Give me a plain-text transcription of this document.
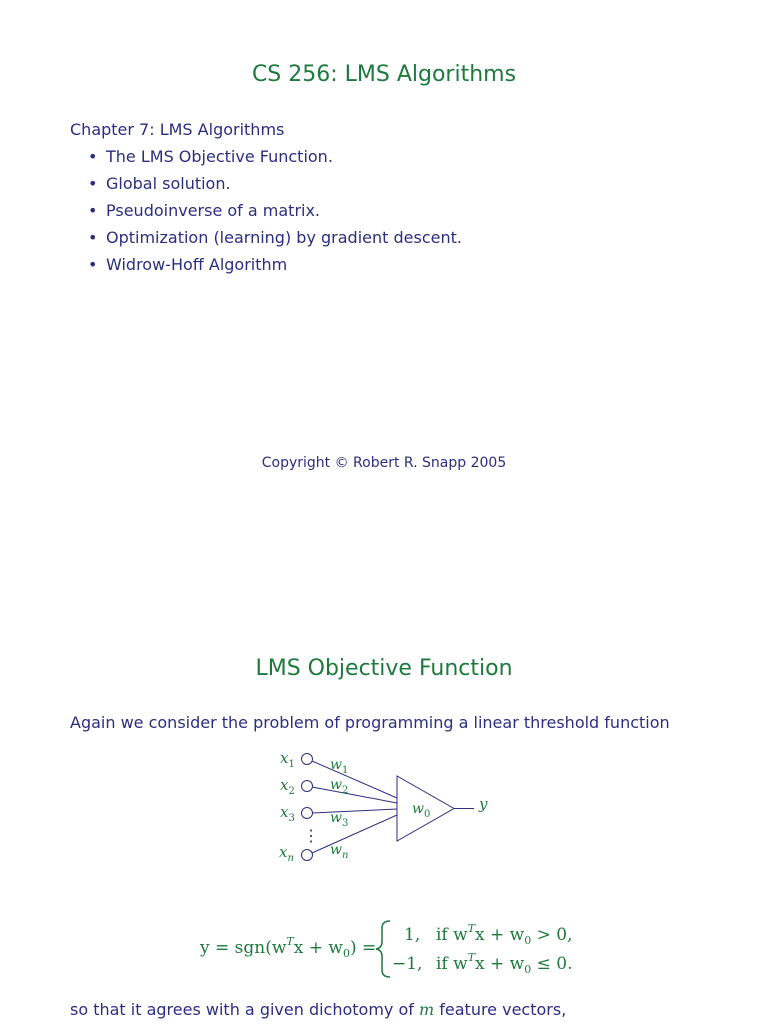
CS 256: LMS Algorithms
Chapter 7: LMS Algorithms
• The LMS Objective Function.
• Global solution.
• Pseudoinverse of a matrix.
• Optimization (learning) by gradient descent.
• Widrow-Hoff Algorithm
Copyright © Robert R. Snapp 2005
LMS Objective Function
Again we consider the problem of programming a linear threshold function
⋮
$x_1$
$x_2$
$x_3$
$x_n$
$w_1$
$w_2$
$w_3$
$w_n$
$w_0$
y
$y = sgn(w^Tx + w_0)$ =
1, if $w^Tx + w_0 > 0$,
−1, if $w^Tx + w_0 \le 0$.
so that it agrees with a given dichotomy of m feature vectors,
